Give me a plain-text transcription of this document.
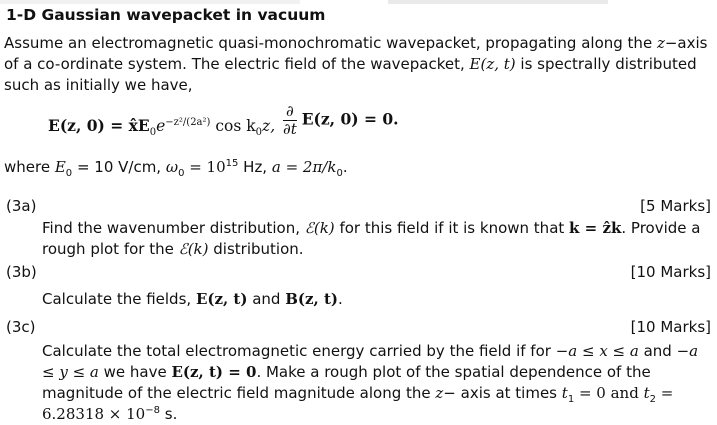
1-D Gaussian wavepacket in vacuum
Assume an electromagnetic quasi-monochromatic wavepacket, propagating along the z−axis of a co-ordinate system. The electric field of the wavepacket, E(z, t) is spectrally distributed such as initially we have,
E(z, $0) = x̂E_0e^{-z^2/(2a^2)}$ $\cos k_0z$, $\frac{\partial}{\partial t} E(z$, 0) = 0.
where $E_0 = 10$ V/cm, $\omega_0 = 10^{15}$ Hz, $a = 2\pi/k_0$.
(3a)	[5 Marks]
Find the wavenumber distribution, ℰ(k) for this field if it is known that k = ẑk. Provide a rough plot for the ℰ(k) distribution.
(3b)	[10 Marks]
Calculate the fields, E(z, t) and B(z, t).
(3c)	[10 Marks]
Calculate the total electromagnetic energy carried by the field if for −a ≤ x ≤ a and −a ≤ y ≤ a we have E(z, t) = 0. Make a rough plot of the spatial dependence of the magnitude of the electric field magnitude along the z− axis at times $t_1 = 0$ and $t_2 = 6.28318 \times 10^{-8}$ s.
